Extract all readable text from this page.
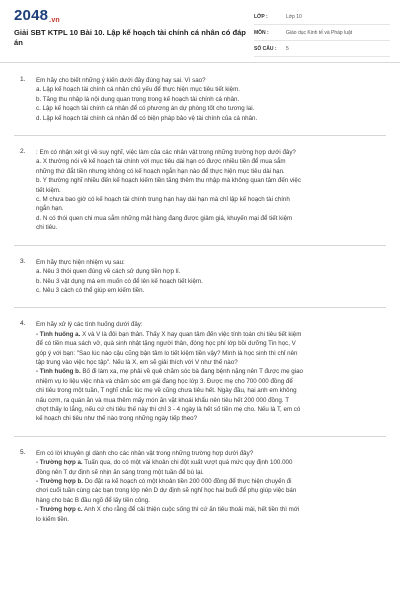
2048.vn
Giải SBT KTPL 10 Bài 10. Lập kế hoạch tài chính cá nhân có đáp án
LỚP :	Lớp 10
MÔN :	Giáo dục Kinh tế và Pháp luật
SỐ CÂU :	5
1. Em hãy cho biết những ý kiến dưới đây đúng hay sai. Vì sao?
a. Lập kế hoạch tài chính cá nhân chủ yếu để thực hiện mục tiêu tiết kiệm.
b. Tăng thu nhập là nội dung quan trọng trong kế hoạch tài chính cá nhân.
c. Lập kế hoạch tài chính cá nhân để có phương án dự phòng tốt cho tương lai.
d. Lập kế hoạch tài chính cá nhân để có biện pháp bảo vệ tài chính của cá nhân.
2. : Em có nhận xét gì về suy nghĩ, việc làm của các nhân vật trong những trường hợp dưới đây?
a. X thường nói về kế hoạch tài chính với mục tiêu dài hạn có được nhiều tiền để mua sắm
những thứ đắt tiền nhưng không có kế hoạch ngắn hạn nào để thực hiện mục tiêu dài hạn.
b. Y thường nghĩ nhiều đến kế hoạch kiếm tiền tăng thêm thu nhập mà không quan tâm đến việc
tiết kiệm.
c. M chưa bao giờ có kế hoạch tài chính trung hạn hay dài hạn mà chỉ lập kế hoạch tài chính
ngắn hạn.
d. N có thói quen chi mua sắm những mặt hàng đang được giảm giá, khuyến mại để tiết kiệm
chi tiêu.
3. Em hãy thực hiện nhiệm vụ sau:
a. Nêu 3 thói quen đúng về cách sử dụng tiền hợp lí.
b. Nêu 3 vật dụng mà em muốn có để lên kế hoạch tiết kiệm.
c. Nêu 3 cách có thể giúp em kiếm tiền.
4. Em hãy xử lý các tình huống dưới đây:
- Tình huống a. X và V là đôi bạn thân. Thấy X hay quan tâm đến việc tính toán chi tiêu tiết kiệm
để có tiền mua sách vở, quà sinh nhật tặng người thân, đóng học phí lớp bồi dưỡng Tin học, V
góp ý với bạn: "Sao lúc nào cậu cũng bận tâm lo tiết kiệm tiền vậy? Mình là học sinh thì chỉ nên
tập trung vào việc học tập". Nếu là X, em sẽ giải thích với V như thế nào?
- Tình huống b. Bố đi làm xa, mẹ phải về quê chăm sóc bà đang bệnh nặng nên T được mẹ giao
nhiệm vụ lo liệu việc nhà và chăm sóc em gái đang học lớp 3. Được mẹ cho 700 000 đồng để
chi tiêu trong một tuần, T nghĩ chắc lúc mẹ về cũng chưa tiêu hết. Ngày đầu, hai anh em không
nấu cơm, ra quán ăn và mua thêm mấy món ăn vặt khoái khẩu nên tiêu hết 200 000 đồng. T
chợt thấy lo lắng, nếu cứ chi tiêu thế này thì chỉ 3 - 4 ngày là hết số tiền mẹ cho. Nếu là T, em có
kế hoạch chi tiêu như thế nào trong những ngày tiếp theo?
5. Em có lời khuyên gì dành cho các nhân vật trong những trường hợp dưới đây?
- Trường hợp a. Tuấn qua, do có một vài khoản chi đột xuất vượt quá mức quy định 100.000
đồng nên T dự định sẽ nhịn ăn sáng trong một tuần để bù lại.
- Trường hợp b. Do đặt ra kế hoạch có một khoản tiền 200 000 đồng để thực hiện chuyến đi
chơi cuối tuần cùng các bạn trong lớp nên D dự định sẽ nghỉ học hai buổi để phụ giúp việc bán
hàng cho bác B đầu ngõ để lấy tiền công.
- Trường hợp c. Anh X cho rằng để cải thiện cuộc sống thì cứ ăn tiêu thoải mái, hết tiền thì mới
lo kiếm tiền.
